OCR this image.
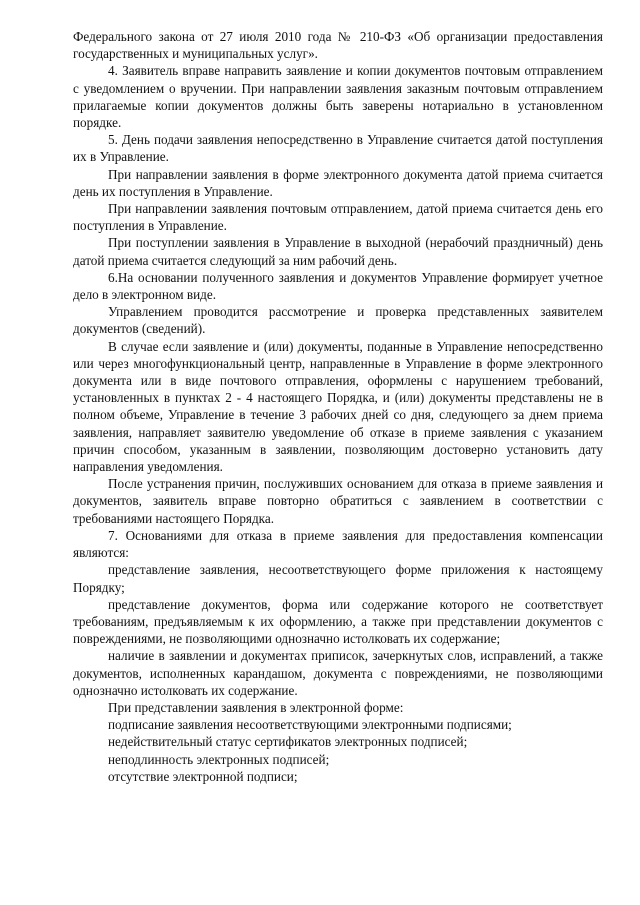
Федерального закона от 27 июля 2010 года № 210-ФЗ «Об организации предоставления государственных и муниципальных услуг».

4. Заявитель вправе направить заявление и копии документов почтовым отправлением с уведомлением о вручении. При направлении заявления заказным почтовым отправлением прилагаемые копии документов должны быть заверены нотариально в установленном порядке.

5. День подачи заявления непосредственно в Управление считается датой поступления их в Управление.

При направлении заявления в форме электронного документа датой приема считается день их поступления в Управление.

При направлении заявления почтовым отправлением, датой приема считается день его поступления в Управление.

При поступлении заявления в Управление в выходной (нерабочий праздничный) день датой приема считается следующий за ним рабочий день.

6.На основании полученного заявления и документов Управление формирует учетное дело в электронном виде.

Управлением проводится рассмотрение и проверка представленных заявителем документов (сведений).

В случае если заявление и (или) документы, поданные в Управление непосредственно или через многофункциональный центр, направленные в Управление в форме электронного документа или в виде почтового отправления, оформлены с нарушением требований, установленных в пунктах 2 - 4 настоящего Порядка, и (или) документы представлены не в полном объеме, Управление в течение 3 рабочих дней со дня, следующего за днем приема заявления, направляет заявителю уведомление об отказе в приеме заявления с указанием причин способом, указанным в заявлении, позволяющим достоверно установить дату направления уведомления.

После устранения причин, послуживших основанием для отказа в приеме заявления и документов, заявитель вправе повторно обратиться с заявлением в соответствии с требованиями настоящего Порядка.

7. Основаниями для отказа в приеме заявления для предоставления компенсации являются:

представление заявления, несоответствующего форме приложения к настоящему Порядку;

представление документов, форма или содержание которого не соответствует требованиям, предъявляемым к их оформлению, а также при представлении документов с повреждениями, не позволяющими однозначно истолковать их содержание;

наличие в заявлении и документах приписок, зачеркнутых слов, исправлений, а также документов, исполненных карандашом, документа с повреждениями, не позволяющими однозначно истолковать их содержание.

При представлении заявления в электронной форме:

подписание заявления несоответствующими электронными подписями;

недействительный статус сертификатов электронных подписей;

неподлинность электронных подписей;

отсутствие электронной подписи;
